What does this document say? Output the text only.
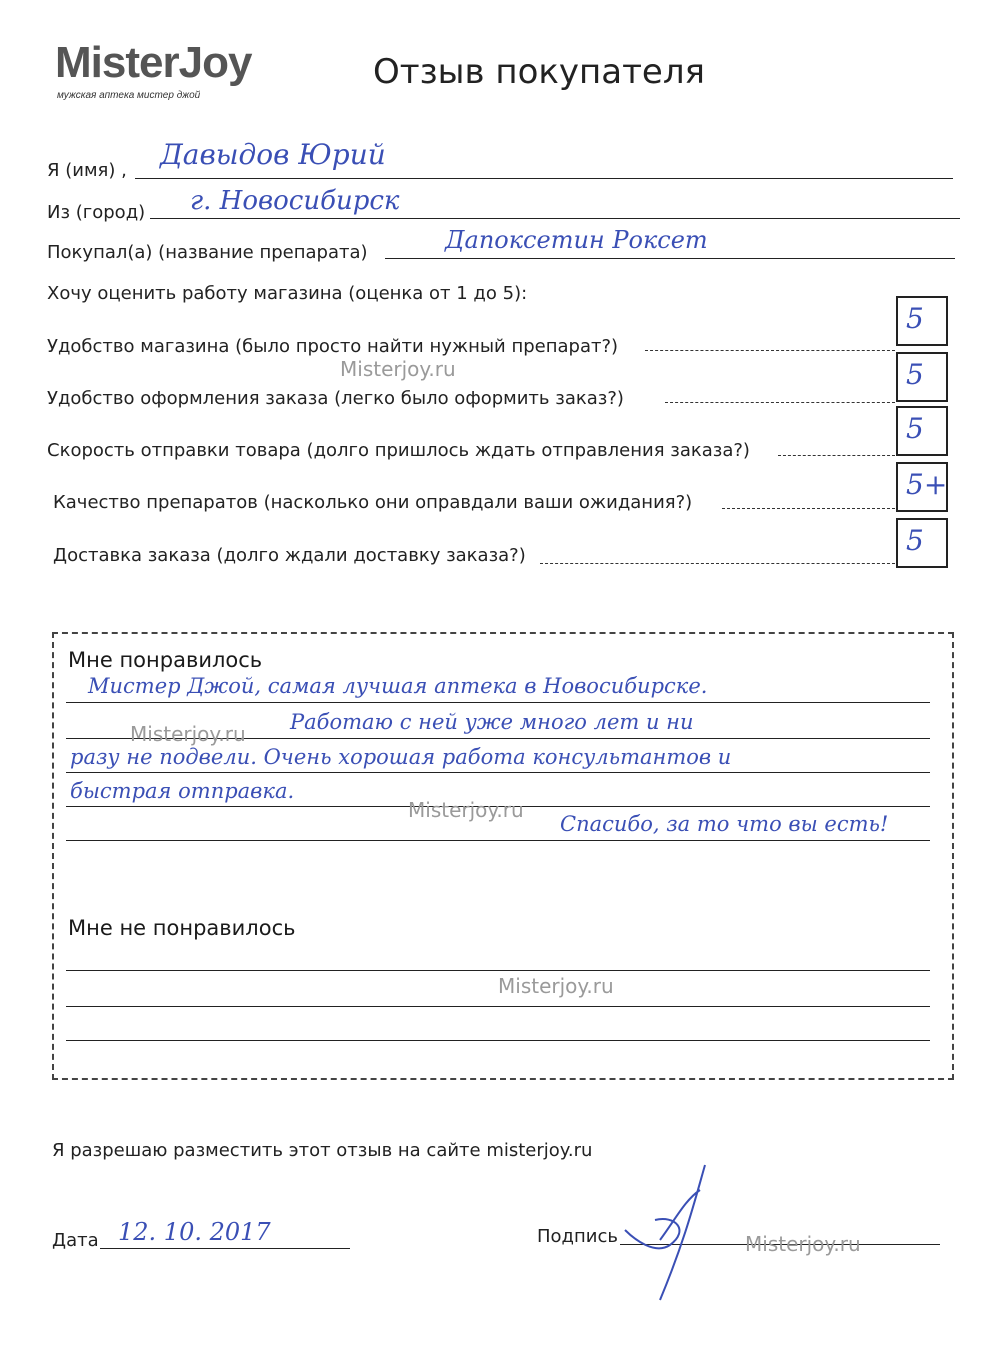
MisterJoy
мужская аптека мистер джой
Отзыв покупателя
Я (имя) , Давыдов Юрий
Из (город) г. Новосибирск
Покупал(а) (название препарата)	Дапоксетин Роксет
Хочу оценить работу магазина (оценка от 1 до 5):
Удобство магазина (было просто найти нужный препарат?)
5
Удобство оформления заказа (легко было оформить заказ?)
5
Скорость отправки товара (долго пришлось ждать отправления заказа?)
5
Качество препаратов (насколько они оправдали ваши ожидания?)
5+
Доставка заказа (долго ждали доставку заказа?)	5
Misterjoy.ru
Мне понравилось
Мистер Джой, самая лучшая аптека в Новосибирске.
Работаю с ней уже много лет и ни
разу не подвели. Очень хорошая работа консультантов и
быстрая отправка.
Спасибо, за то что вы есть!
Misterjoy.ru
Misterjoy.ru
Мне не понравилось
Misterjoy.ru
Я разрешаю разместить этот отзыв на сайте misterjoy.ru
Дата 12. 10. 2017	Подпись	Misterjoy.ru
